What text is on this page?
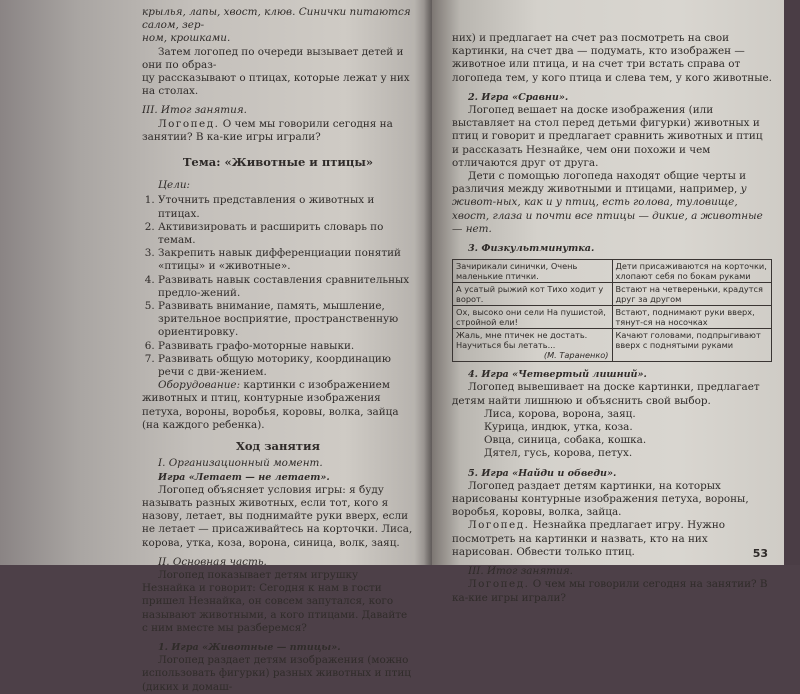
крылья, лапы, хвост, клюв. Синички питаются салом, зер-

ном, крошками.

Затем логопед по очереди вызывает детей и они по образ-

цу рассказывают о птицах, которые лежат у них на столах.

III. Итог занятия.

Логопед. О чем мы говорили сегодня на занятии? В ка-кие игры играли?

Тема: «Животные и птицы»

Цели:

1. Уточнить представления о животных и птицах.
2. Активизировать и расширить словарь по темам.
3. Закрепить навык дифференциации понятий «птицы» и «животные».
4. Развивать навык составления сравнительных предло-жений.
5. Развивать внимание, память, мышление, зрительное восприятие, пространственную ориентировку.
6. Развивать графо-моторные навыки.
7. Развивать общую моторику, координацию речи с дви-жением.

Оборудование: картинки с изображением животных и птиц, контурные изображения петуха, вороны, воробья, коровы, волка, зайца (на каждого ребенка).

Ход занятия

I. Организационный момент.

Игра «Летает — не летает».

Логопед объясняет условия игры: я буду называть разных животных, если тот, кого я назову, летает, вы поднимайте руки вверх, если не летает — присаживайтесь на корточки. Лиса, корова, утка, коза, ворона, синица, волк, заяц.

II. Основная часть.

Логопед показывает детям игрушку Незнайка и говорит: Сегодня к нам в гости пришел Незнайка, он совсем запутался, кого называют животными, а кого птицами. Давайте с ним вместе мы разберемся?

1. Игра «Животные — птицы».

Логопед раздает детям изображения (можно использовать фигурки) разных животных и птиц (диких и домаш-

них) и предлагает на счет раз посмотреть на свои картинки, на счет два — подумать, кто изображен — животное или птица, и на счет три встать справа от логопеда тем, у кого птица и слева тем, у кого животные.

2. Игра «Сравни».

Логопед вешает на доске изображения (или выставляет на стол перед детьми фигурки) животных и птиц и говорит и предлагает сравнить животных и птиц и рассказать Незнайке, чем они похожи и чем отличаются друг от друга.

Дети с помощью логопеда находят общие черты и различия между животными и птицами, например, у живот-ных, как и у птиц, есть голова, туловище, хвост, глаза и почти все птицы — дикие, а животные — нет.

3. Физкультминутка.

Зачирикали синички, Очень маленькие птички.	Дети присаживаются на корточки, хлопают себя по бокам руками
А усатый рыжий кот Тихо ходит у ворот.	Встают на четвереньки, крадутся друг за другом
Ох, высоко они сели На пушистой, стройной ели!	Встают, поднимают руки вверх, тянут-ся на носочках

Жаль, мне птичек не достать. Научиться бы летать...
(М. Тараненко)	Качают головами, подпрыгивают вверх с поднятыми руками

4. Игра «Четвертый лишний».

Логопед вывешивает на доске картинки, предлагает детям найти лишнюю и объяснить свой выбор.

Лиса, корова, ворона, заяц.

Курица, индюк, утка, коза.

Овца, синица, собака, кошка.

Дятел, гусь, корова, петух.

5. Игра «Найди и обведи».

Логопед раздает детям картинки, на которых нарисованы контурные изображения петуха, вороны, воробья, коровы, волка, зайца.

Логопед. Незнайка предлагает игру. Нужно посмотреть на картинки и назвать, кто на них нарисован. Обвести только птиц.

III. Итог занятия.

Логопед. О чем мы говорили сегодня на занятии? В ка-кие игры играли?

53
